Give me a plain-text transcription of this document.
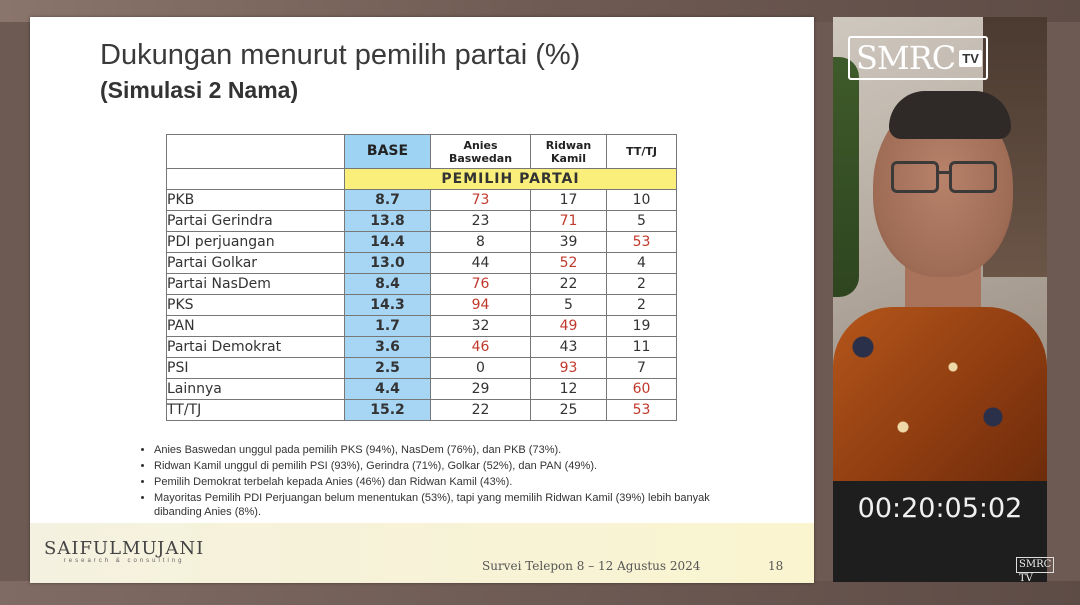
Dukungan menurut pemilih partai (%)
(Simulasi 2 Nama)
	BASE	Anies Baswedan	Ridwan Kamil	TT/TJ
	PEMILIH PARTAI			
PKB	8.7	73	17	10
Partai Gerindra	13.8	23	71	5
PDI perjuangan	14.4	8	39	53
Partai Golkar	13.0	44	52	4
Partai NasDem	8.4	76	22	2
PKS	14.3	94	5	2
PAN	1.7	32	49	19
Partai Demokrat	3.6	46	43	11
PSI	2.5	0	93	7
Lainnya	4.4	29	12	60
TT/TJ	15.2	22	25	53
• Anies Baswedan unggul pada pemilih PKS (94%), NasDem (76%), dan PKB (73%).
• Ridwan Kamil unggul di pemilih PSI (93%), Gerindra (71%), Golkar (52%), dan PAN (49%).
• Pemilih Demokrat terbelah kepada Anies (46%) dan Ridwan Kamil (43%).
• Mayoritas Pemilih PDI Perjuangan belum menentukan (53%), tapi yang memilih Ridwan Kamil (39%) lebih banyak dibanding Anies (8%).
SAIFULMUJANI
research & consulting	Survei Telepon 8 – 12 Agustus 2024	18
SMRC TV
00:20:05:02
SMRC TV
